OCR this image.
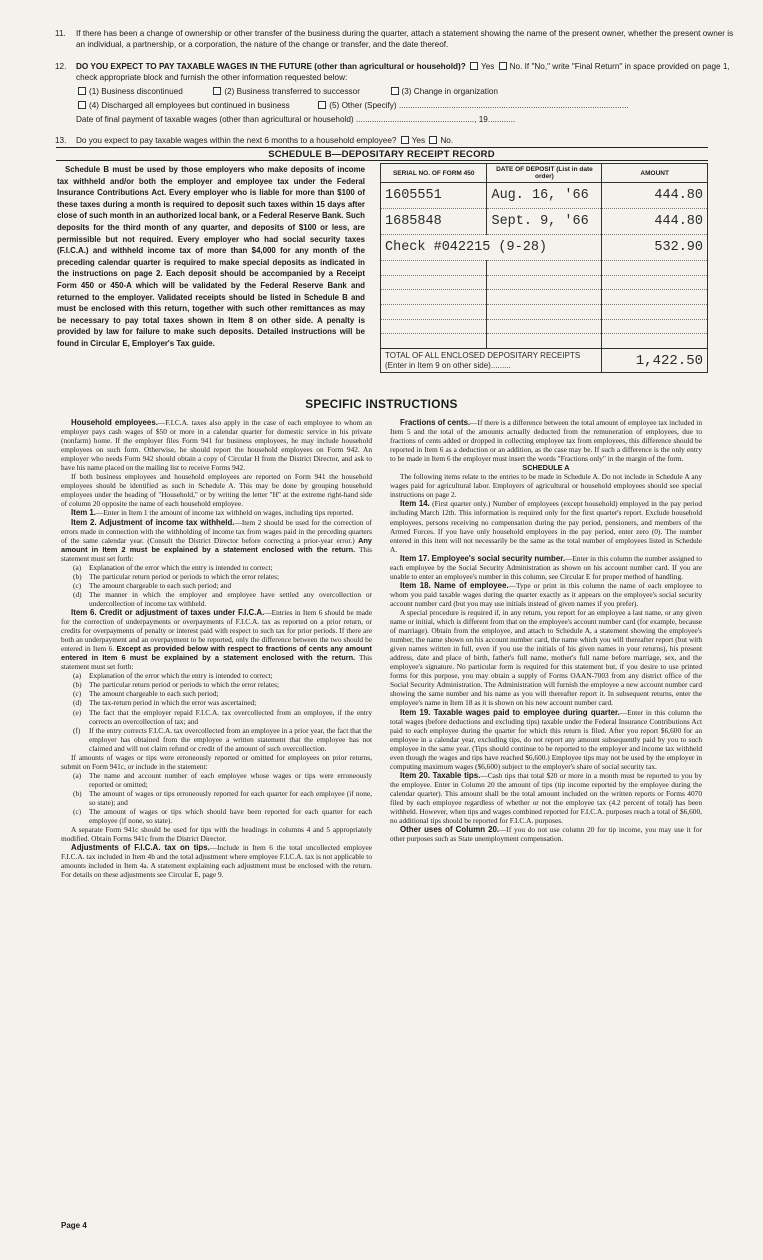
11. If there has been a change of ownership or other transfer of the business during the quarter, attach a statement showing the name of the present owner, whether the present owner is an individual, a partnership, or a corporation, the nature of the change or transfer, and the date thereof.
12. DO YOU EXPECT TO PAY TAXABLE WAGES IN THE FUTURE (other than agricultural or household)? Yes No. If "No," write "Final Return" in space provided on page 1, check appropriate block and furnish the other information requested below:
(1) Business discontinued	(2) Business transferred to successor	(3) Change in organization
(4) Discharged all employees but continued in business	(5) Other (Specify) .....................................................................................................
Date of final payment of taxable wages (other than agricultural or household) ...................................................., 19............
13. Do you expect to pay taxable wages within the next 6 months to a household employee? Yes No.
SCHEDULE B—DEPOSITARY RECEIPT RECORD
Schedule B must be used by those employers who make deposits of income tax withheld and/or both the employer and employee tax under the Federal Insurance Contributions Act. Every employer who is liable for more than $100 of these taxes during a month is required to deposit such taxes within 15 days after close of such month in an authorized local bank, or a Federal Reserve Bank. Such deposits for the third month of any quarter, and deposits of $100 or less, are permissible but not required. Every employer who had social security taxes (F.I.C.A.) and withheld income tax of more than $4,000 for any month of the preceding calendar quarter is required to make special deposits as indicated in the instructions on page 2. Each deposit should be accompanied by a Receipt Form 450 or 450-A which will be validated by the Federal Reserve Bank and returned to the employer. Validated receipts should be listed in Schedule B and must be enclosed with this return, together with such other remittances as may be necessary to pay total taxes shown in Item 8 on other side. A penalty is provided by law for failure to make such deposits. Detailed instructions will be found in Circular E, Employer's Tax guide.
SERIAL NO. OF FORM 450	DATE OF DEPOSIT (List in date order)	AMOUNT
1605551	Aug. 16, '66	444.80
1685848	Sept. 9, '66	444.80
Check #042215 (9-28)		532.90

TOTAL OF ALL ENCLOSED DEPOSITARY RECEIPTS (Enter in Item 9 on other side).........		1,422.50
SPECIFIC INSTRUCTIONS

Household employees.—F.I.C.A. taxes also apply in the case of each employee to whom an employer pays cash wages of $50 or more in a calendar quarter for domestic service in his private (nonfarm) home. If the employer files Form 941 for business employees, he may include household employees on such form. Otherwise, he should report the household employees on Form 942. An employer who needs Form 942 should obtain a copy of Circular H from the District Director, and ask to have his name placed on the mailing list to receive Forms 942.

If both business employees and household employees are reported on Form 941 the household employees should be identified as such in Schedule A. This may be done by grouping household employees under the heading of "Household," or by writing the letter "H" at the extreme right-hand side of column 20 opposite the name of each household employee.

Item 1.—Enter in Item 1 the amount of income tax withheld on wages, including tips reported.

Item 2. Adjustment of income tax withheld.—Item 2 should be used for the correction of errors made in connection with the withholding of income tax from wages paid in the preceding quarters of the same calendar year. (Consult the District Director before correcting a prior-year error.) Any amount in Item 2 must be explained by a statement enclosed with the return. This statement must set forth:

(a)	Explanation of the error which the entry is intended to correct;
(b)	The particular return period or periods to which the error relates;
(c)	The amount chargeable to each such period; and
(d)	The manner in which the employer and employee have settled any overcollection or undercollection of income tax withheld.

Item 6. Credit or adjustment of taxes under F.I.C.A.—Entries in Item 6 should be made for the correction of underpayments or overpayments of F.I.C.A. tax as reported on a prior return, or credits for overpayments of penalty or interest paid with respect to such tax for prior periods. If there are both an underpayment and an overpayment to be reported, only the difference between the two should be entered in Item 6. Except as provided below with respect to fractions of cents any amount entered in Item 6 must be explained by a statement enclosed with the return. This statement must set forth:

(a)	Explanation of the error which the entry is intended to correct;
(b)	The particular return period or periods to which the error relates;
(c)	The amount chargeable to each such period;
(d)	The tax-return period in which the error was ascertained;
(e)	The fact that the employer repaid F.I.C.A. tax overcollected from an employee, if the entry corrects an overcollection of tax; and
(f)	If the entry corrects F.I.C.A. tax overcollected from an employee in a prior year, the fact that the employer has obtained from the employee a written statement that the employee has not claimed and will not claim refund or credit of the amount of such overcollection.

If amounts of wages or tips were erroneously reported or omitted for employees on prior returns, submit on Form 941c, or include in the statement:

(a)	The name and account number of each employee whose wages or tips were erroneously reported or omitted;
(b)	The amount of wages or tips erroneously reported for each quarter for each employee (if none, so state); and
(c)	The amount of wages or tips which should have been reported for each quarter for each employee (if none, so state).

A separate Form 941c should be used for tips with the headings in columns 4 and 5 appropriately modified. Obtain Forms 941c from the District Director.

Adjustments of F.I.C.A. tax on tips.—Include in Item 6 the total uncollected employee F.I.C.A. tax included in Item 4b and the total adjustment where employee F.I.C.A. tax is not applicable to amounts included in Item 4a. A statement explaining each adjustment must be enclosed with the return. For details on these adjustments see Circular E, page 9.

Fractions of cents.—If there is a difference between the total amount of employee tax included in Item 5 and the total of the amounts actually deducted from the remuneration of employees, due to fractions of cents added or dropped in collecting employee tax from employees, this difference should be reported in Item 6 as a deduction or an addition, as the case may be. If such a difference is the only entry to be made in Item 6 the employer must insert the words "Fractions only" in the margin of the form.

SCHEDULE A

The following items relate to the entries to be made in Schedule A. Do not include in Schedule A any wages paid for agricultural labor. Employers of agricultural or household employees should see special instructions on page 2.

Item 14. (First quarter only.) Number of employees (except household) employed in the pay period including March 12th. This information is required only for the first quarter's report. Exclude household employees, persons receiving no compensation during the pay period, pensioners, and members of the Armed Forces. If you have only household employees in the pay period, enter zero (0). The number entered in this item will not necessarily be the same as the total number of employees listed in Schedule A.

Item 17. Employee's social security number.—Enter in this column the number assigned to each employee by the Social Security Administration as shown on his account number card. If you are unable to enter an employee's number in this column, see Circular E for proper method of handling.

Item 18. Name of employee.—Type or print in this column the name of each employee to whom you paid taxable wages during the quarter exactly as it appears on the employee's social security account number card (but you may use initials instead of given names if you prefer).

A special procedure is required if, in any return, you report for an employee a last name, or any given name or initial, which is different from that on the employee's account number card (for example, because of marriage). Obtain from the employee, and attach to Schedule A, a statement showing the employee's number, the name shown on his account number card, the name which you will thereafter report (but with given names written in full, even if you use the initials of his given names in your returns), his present address, date and place of birth, father's full name, mother's full name before marriage, sex, and the employee's signature. No particular form is required for this statement but, if you desire to use printed forms for this purpose, you may obtain a supply of Forms OAAN-7003 from any district office of the Social Security Administration. The Administration will furnish the employee a new account number card showing the same number and his name as you will thereafter report it. In subsequent returns, enter the employee's name in Item 18 as it is shown on his new account number card.

Item 19. Taxable wages paid to employee during quarter.—Enter in this column the total wages (before deductions and excluding tips) taxable under the Federal Insurance Contributions Act paid to each employee during the quarter for which this return is filed. After you report $6,600 for an employee in a calendar year, excluding tips, do not report any amount subsequently paid by you to such employee in the same year. (Tips should continue to be reported to the employer and income tax withheld even though the wages and tips have reached $6,600.) Employee tips may not be used by the employer in computing maximum wages ($6,600) subject to the employer's share of social security tax.

Item 20. Taxable tips.—Cash tips that total $20 or more in a month must be reported to you by the employee. Enter in Column 20 the amount of tips (tip income reported by the employee during the calendar quarter). This amount shall be the total amount included on the written reports or Forms 4070 filed by each employee regardless of whether or not the employee tax (4.2 percent of total) has been withheld. However, when tips and wages combined reported for F.I.C.A. purposes reach a total of $6,600, no additional tips should be reported for F.I.C.A. purposes.

Other uses of Column 20.—If you do not use column 20 for tip income, you may use it for other purposes such as State unemployment compensation.

Page 4
